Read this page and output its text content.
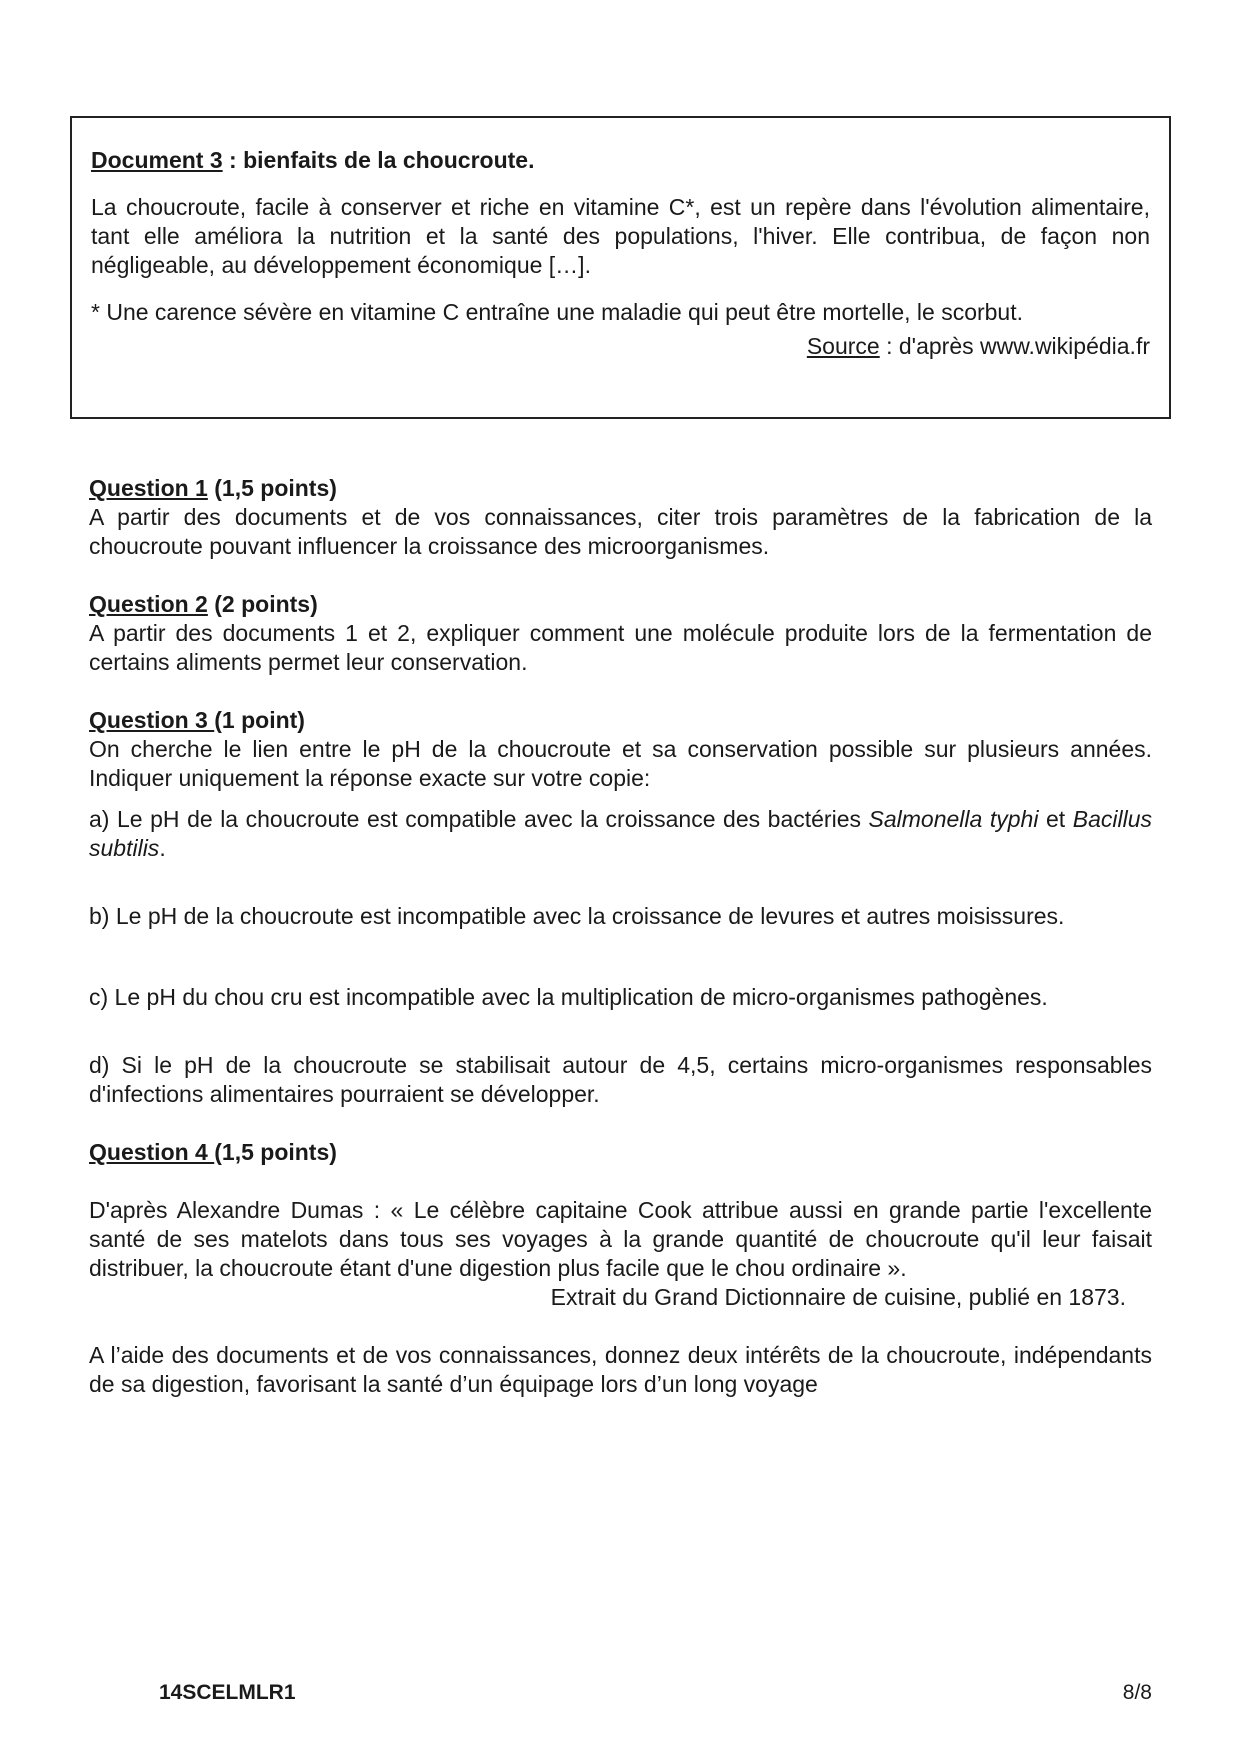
Document 3 : bienfaits de la choucroute.

La choucroute, facile à conserver et riche en vitamine C*, est un repère dans l'évolution alimentaire, tant elle améliora la nutrition et la santé des populations, l'hiver. Elle contribua, de façon non négligeable, au développement économique […].

* Une carence sévère en vitamine C entraîne une maladie qui peut être mortelle, le scorbut.

Source : d'après www.wikipédia.fr

Question 1 (1,5 points)

A partir des documents et de vos connaissances, citer trois paramètres de la fabrication de la choucroute pouvant influencer la croissance des microorganismes.

Question 2 (2 points)

A partir des documents 1 et 2, expliquer comment une molécule produite lors de la fermentation de certains aliments permet leur conservation.

Question 3 (1 point)

On cherche le lien entre le pH de la choucroute et sa conservation possible sur plusieurs années. Indiquer uniquement la réponse exacte sur votre copie:

a) Le pH de la choucroute est compatible avec la croissance des bactéries Salmonella typhi et Bacillus subtilis.

b) Le pH de la choucroute est incompatible avec la croissance de levures et autres moisissures.

c) Le pH du chou cru est incompatible avec la multiplication de micro-organismes pathogènes.

d) Si le pH de la choucroute se stabilisait autour de 4,5, certains micro-organismes responsables d'infections alimentaires pourraient se développer.

Question 4 (1,5 points)

D'après Alexandre Dumas : « Le célèbre capitaine Cook attribue aussi en grande partie l'excellente santé de ses matelots dans tous ses voyages à la grande quantité de choucroute qu'il leur faisait distribuer, la choucroute étant d'une digestion plus facile que le chou ordinaire ».

Extrait du Grand Dictionnaire de cuisine, publié en 1873.

A l’aide des documents et de vos connaissances, donnez deux intérêts de la choucroute, indépendants de sa digestion, favorisant la santé d’un équipage lors d’un long voyage

14SCELMLR1	8/8
